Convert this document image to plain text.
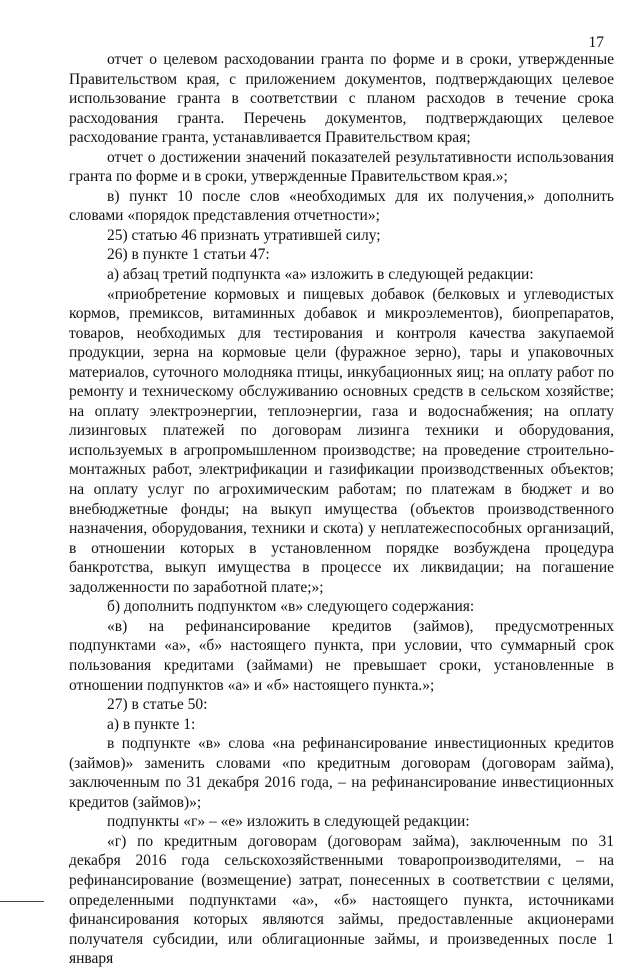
17

отчет о целевом расходовании гранта по форме и в сроки, утвержденные Правительством края, с приложением документов, подтверждающих целевое использование гранта в соответствии с планом расходов в течение срока расходования гранта. Перечень документов, подтверждающих целевое расходование гранта, устанавливается Правительством края;

отчет о достижении значений показателей результативности использования гранта по форме и в сроки, утвержденные Правительством края.»;

в) пункт 10 после слов «необходимых для их получения,» дополнить словами «порядок представления отчетности»;

25) статью 46 признать утратившей силу;

26) в пункте 1 статьи 47:

а) абзац третий подпункта «а» изложить в следующей редакции:

«приобретение кормовых и пищевых добавок (белковых и углеводистых кормов, премиксов, витаминных добавок и микроэлементов), биопрепаратов, товаров, необходимых для тестирования и контроля качества закупаемой продукции, зерна на кормовые цели (фуражное зерно), тары и упаковочных материалов, суточного молодняка птицы, инкубационных яиц; на оплату работ по ремонту и техническому обслуживанию основных средств в сельском хозяйстве; на оплату электроэнергии, теплоэнергии, газа и водоснабжения; на оплату лизинговых платежей по договорам лизинга техники и оборудования, используемых в агропромышленном производстве; на проведение строительно-монтажных работ, электрификации и газификации производственных объектов; на оплату услуг по агрохимическим работам; по платежам в бюджет и во внебюджетные фонды; на выкуп имущества (объектов производственного назначения, оборудования, техники и скота) у неплатежеспособных организаций, в отношении которых в установленном порядке возбуждена процедура банкротства, выкуп имущества в процессе их ликвидации; на погашение задолженности по заработной плате;»;

б) дополнить подпунктом «в» следующего содержания:

«в) на рефинансирование кредитов (займов), предусмотренных подпунктами «а», «б» настоящего пункта, при условии, что суммарный срок пользования кредитами (займами) не превышает сроки, установленные в отношении подпунктов «а» и «б» настоящего пункта.»;

27) в статье 50:

а) в пункте 1:

в подпункте «в» слова «на рефинансирование инвестиционных кредитов (займов)» заменить словами «по кредитным договорам (договорам займа), заключенным по 31 декабря 2016 года, – на рефинансирование инвестиционных кредитов (займов)»;

подпункты «г» – «е» изложить в следующей редакции:

«г) по кредитным договорам (договорам займа), заключенным по 31 декабря 2016 года сельскохозяйственными товаропроизводителями, – на рефинансирование (возмещение) затрат, понесенных в соответствии с целями, определенными подпунктами «а», «б» настоящего пункта, источниками финансирования которых являются займы, предоставленные акционерами получателя субсидии, или облигационные займы, и произведенных после 1 января
